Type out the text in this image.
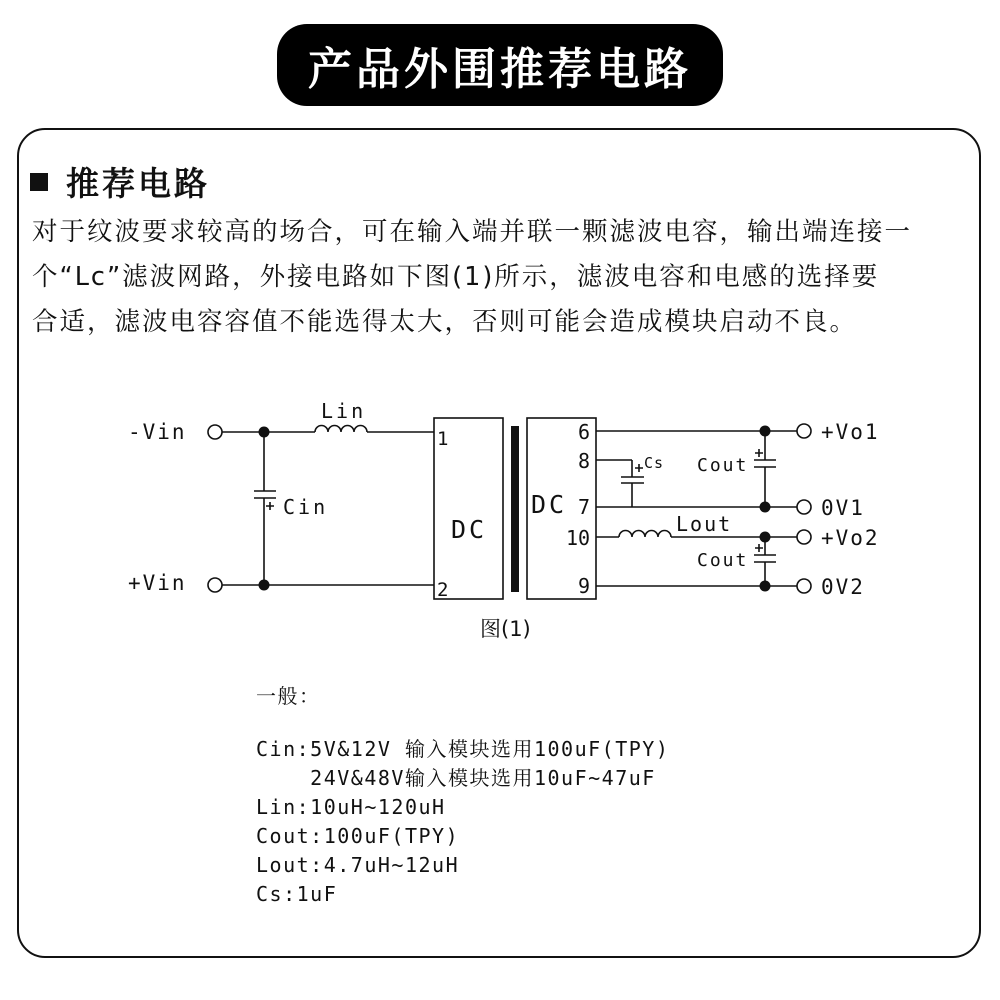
产品外围推荐电路
推荐电路
对于纹波要求较高的场合，可在输入端并联一颗滤波电容，输出端连接一
个“Lc”滤波网路，外接电路如下图(1)所示，滤波电容和电感的选择要
合适，滤波电容容值不能选得太大，否则可能会造成模块启动不良。
-Vin
+Vin
Lin
Cin
1
2
DC
DC
6
8
7
10
9
Cs Cout
Lout
Cout
+Vo1
0V1
+Vo2
0V2
图(1)
一般：
Cin:5V&12V 输入模块选用100uF(TPY)
24V&48V输入模块选用10uF~47uF
Lin:10uH~120uH
Cout:100uF(TPY)
Lout:4.7uH~12uH
Cs:1uF
